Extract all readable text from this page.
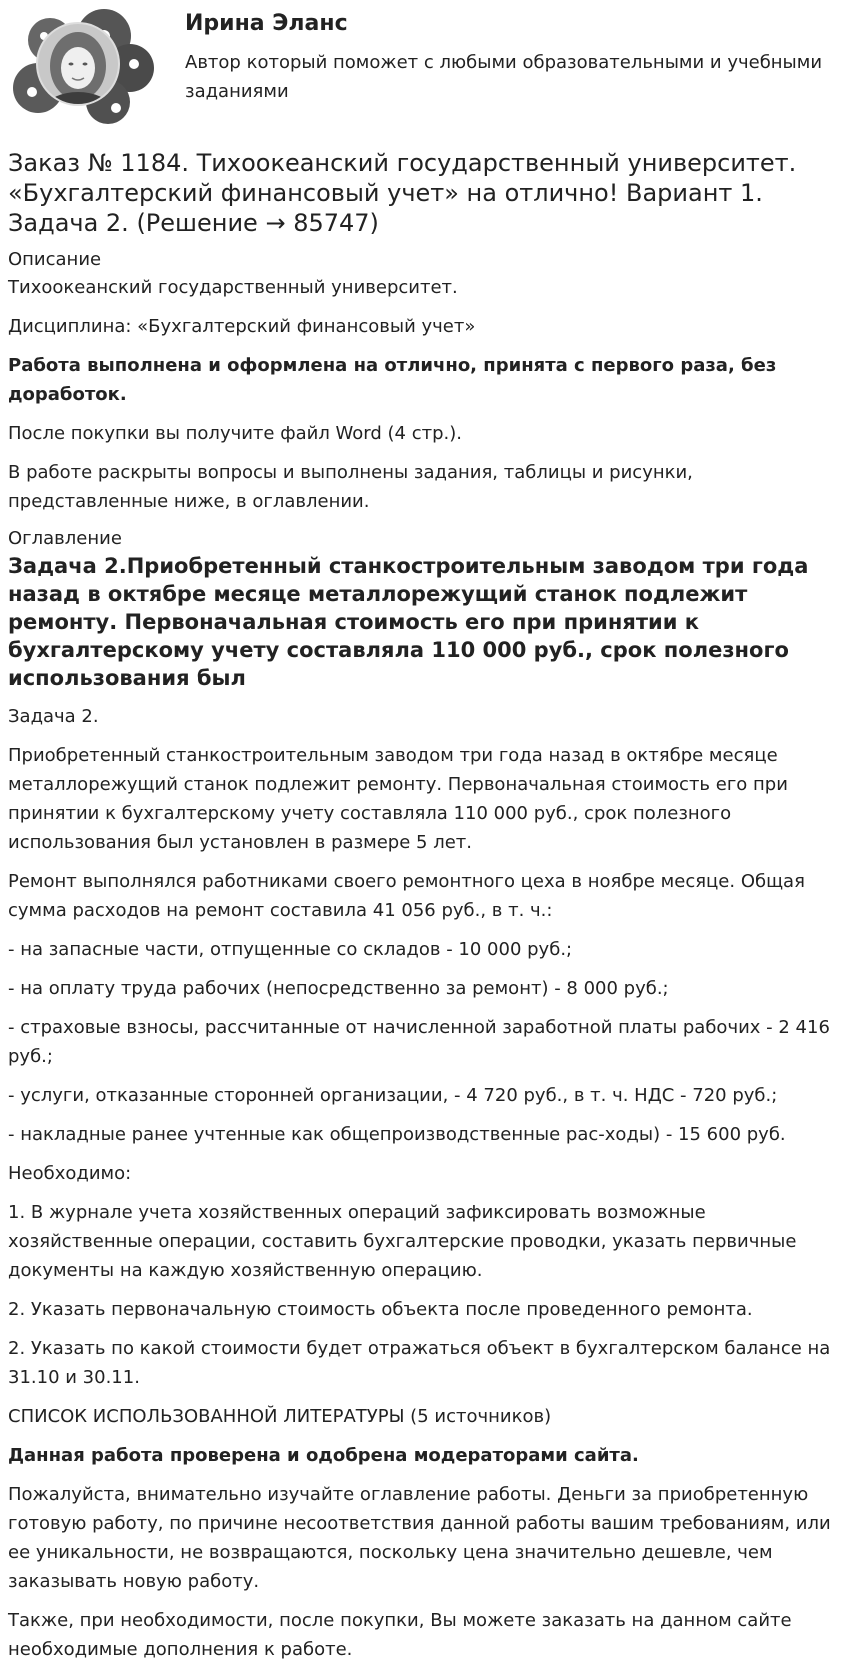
Ирина Эланс
Автор который поможет с любыми образовательными и учебными заданиями
Заказ № 1184. Тихоокеанский государственный университет. «Бухгалтерский финансовый учет» на отлично! Вариант 1. Задача 2. (Решение → 85747)
Описание

Тихоокеанский государственный университет.

Дисциплина: «Бухгалтерский финансовый учет»

Работа выполнена и оформлена на отлично, принята с первого раза, без доработок.

После покупки вы получите файл Word (4 стр.).

В работе раскрыты вопросы и выполнены задания, таблицы и рисунки, представленные ниже, в оглавлении.

Оглавление
Задача 2.Приобретенный станкостроительным заводом три года назад в октябре месяце металлорежущий станок подлежит ремонту. Первоначальная стоимость его при принятии к бухгалтерскому учету составляла 110 000 руб., срок полезного использования был

Задача 2.

Приобретенный станкостроительным заводом три года назад в октябре месяце металлорежущий станок подлежит ремонту. Первоначальная стоимость его при принятии к бухгалтерскому учету составляла 110 000 руб., срок полезного использования был установлен в размере 5 лет.

Ремонт выполнялся работниками своего ремонтного цеха в ноябре месяце. Общая сумма расходов на ремонт составила 41 056 руб., в т. ч.:

- на запасные части, отпущенные со складов - 10 000 руб.;

- на оплату труда рабочих (непосредственно за ремонт) - 8 000 руб.;

- страховые взносы, рассчитанные от начисленной заработной платы рабочих - 2 416 руб.;

- услуги, отказанные сторонней организации, - 4 720 руб., в т. ч. НДС - 720 руб.;

- накладные ранее учтенные как общепроизводственные рас-ходы) - 15 600 руб.

Необходимо:

1. В журнале учета хозяйственных операций зафиксировать возможные хозяйственные операции, составить бухгалтерские проводки, указать первичные документы на каждую хозяйственную операцию.

2. Указать первоначальную стоимость объекта после проведенного ремонта.

2. Указать по какой стоимости будет отражаться объект в бухгалтерском балансе на 31.10 и 30.11.

СПИСОК ИСПОЛЬЗОВАННОЙ ЛИТЕРАТУРЫ (5 источников)

Данная работа проверена и одобрена модераторами сайта.

Пожалуйста, внимательно изучайте оглавление работы. Деньги за приобретенную готовую работу, по причине несоответствия данной работы вашим требованиям, или ее уникальности, не возвращаются, поскольку цена значительно дешевле, чем заказывать новую работу.

Также, при необходимости, после покупки, Вы можете заказать на данном сайте необходимые дополнения к работе.
